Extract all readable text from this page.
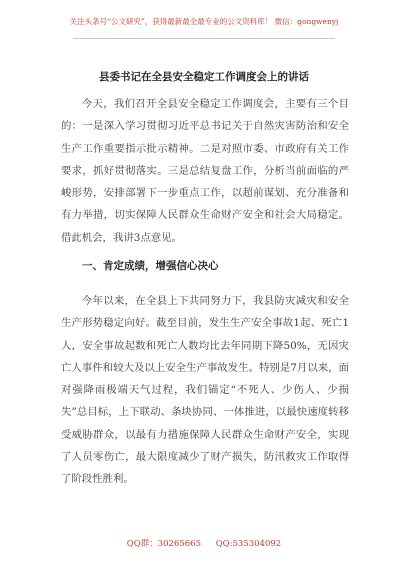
关注头条号“公文研究”，获得最新最全最专业的公文资料库！ 微信：gongwenyj
县委书记在全县安全稳定工作调度会上的讲话

今天，我们召开全县安全稳定工作调度会，主要有三个目的：一是深入学习贯彻习近平总书记关于自然灾害防治和安全生产工作重要指示批示精神。二是对照市委、市政府有关工作要求，抓好贯彻落实。三是总结复盘工作，分析当前面临的严峻形势，安排部署下一步重点工作，以超前谋划、充分准备和有力举措，切实保障人民群众生命财产安全和社会大局稳定。借此机会，我讲3点意见。

一、肯定成绩，增强信心决心

今年以来，在全县上下共同努力下，我县防灾减灾和安全生产形势稳定向好。截至目前，发生生产安全事故1起、死亡1人，安全事故起数和死亡人数均比去年同期下降50%，无因灾亡人事件和较大及以上安全生产事故发生。特别是7月以来，面对强降雨极端天气过程，我们锚定“不死人、少伤人、少损失”总目标，上下联动、条块协同、一体推进，以最快速度转移受威胁群众，以最有力措施保障人民群众生命财产安全，实现了人员零伤亡，最大限度减少了财产损失，防汛救灾工作取得了阶段性胜利。

QQ群：30265665 QQ:535304092
